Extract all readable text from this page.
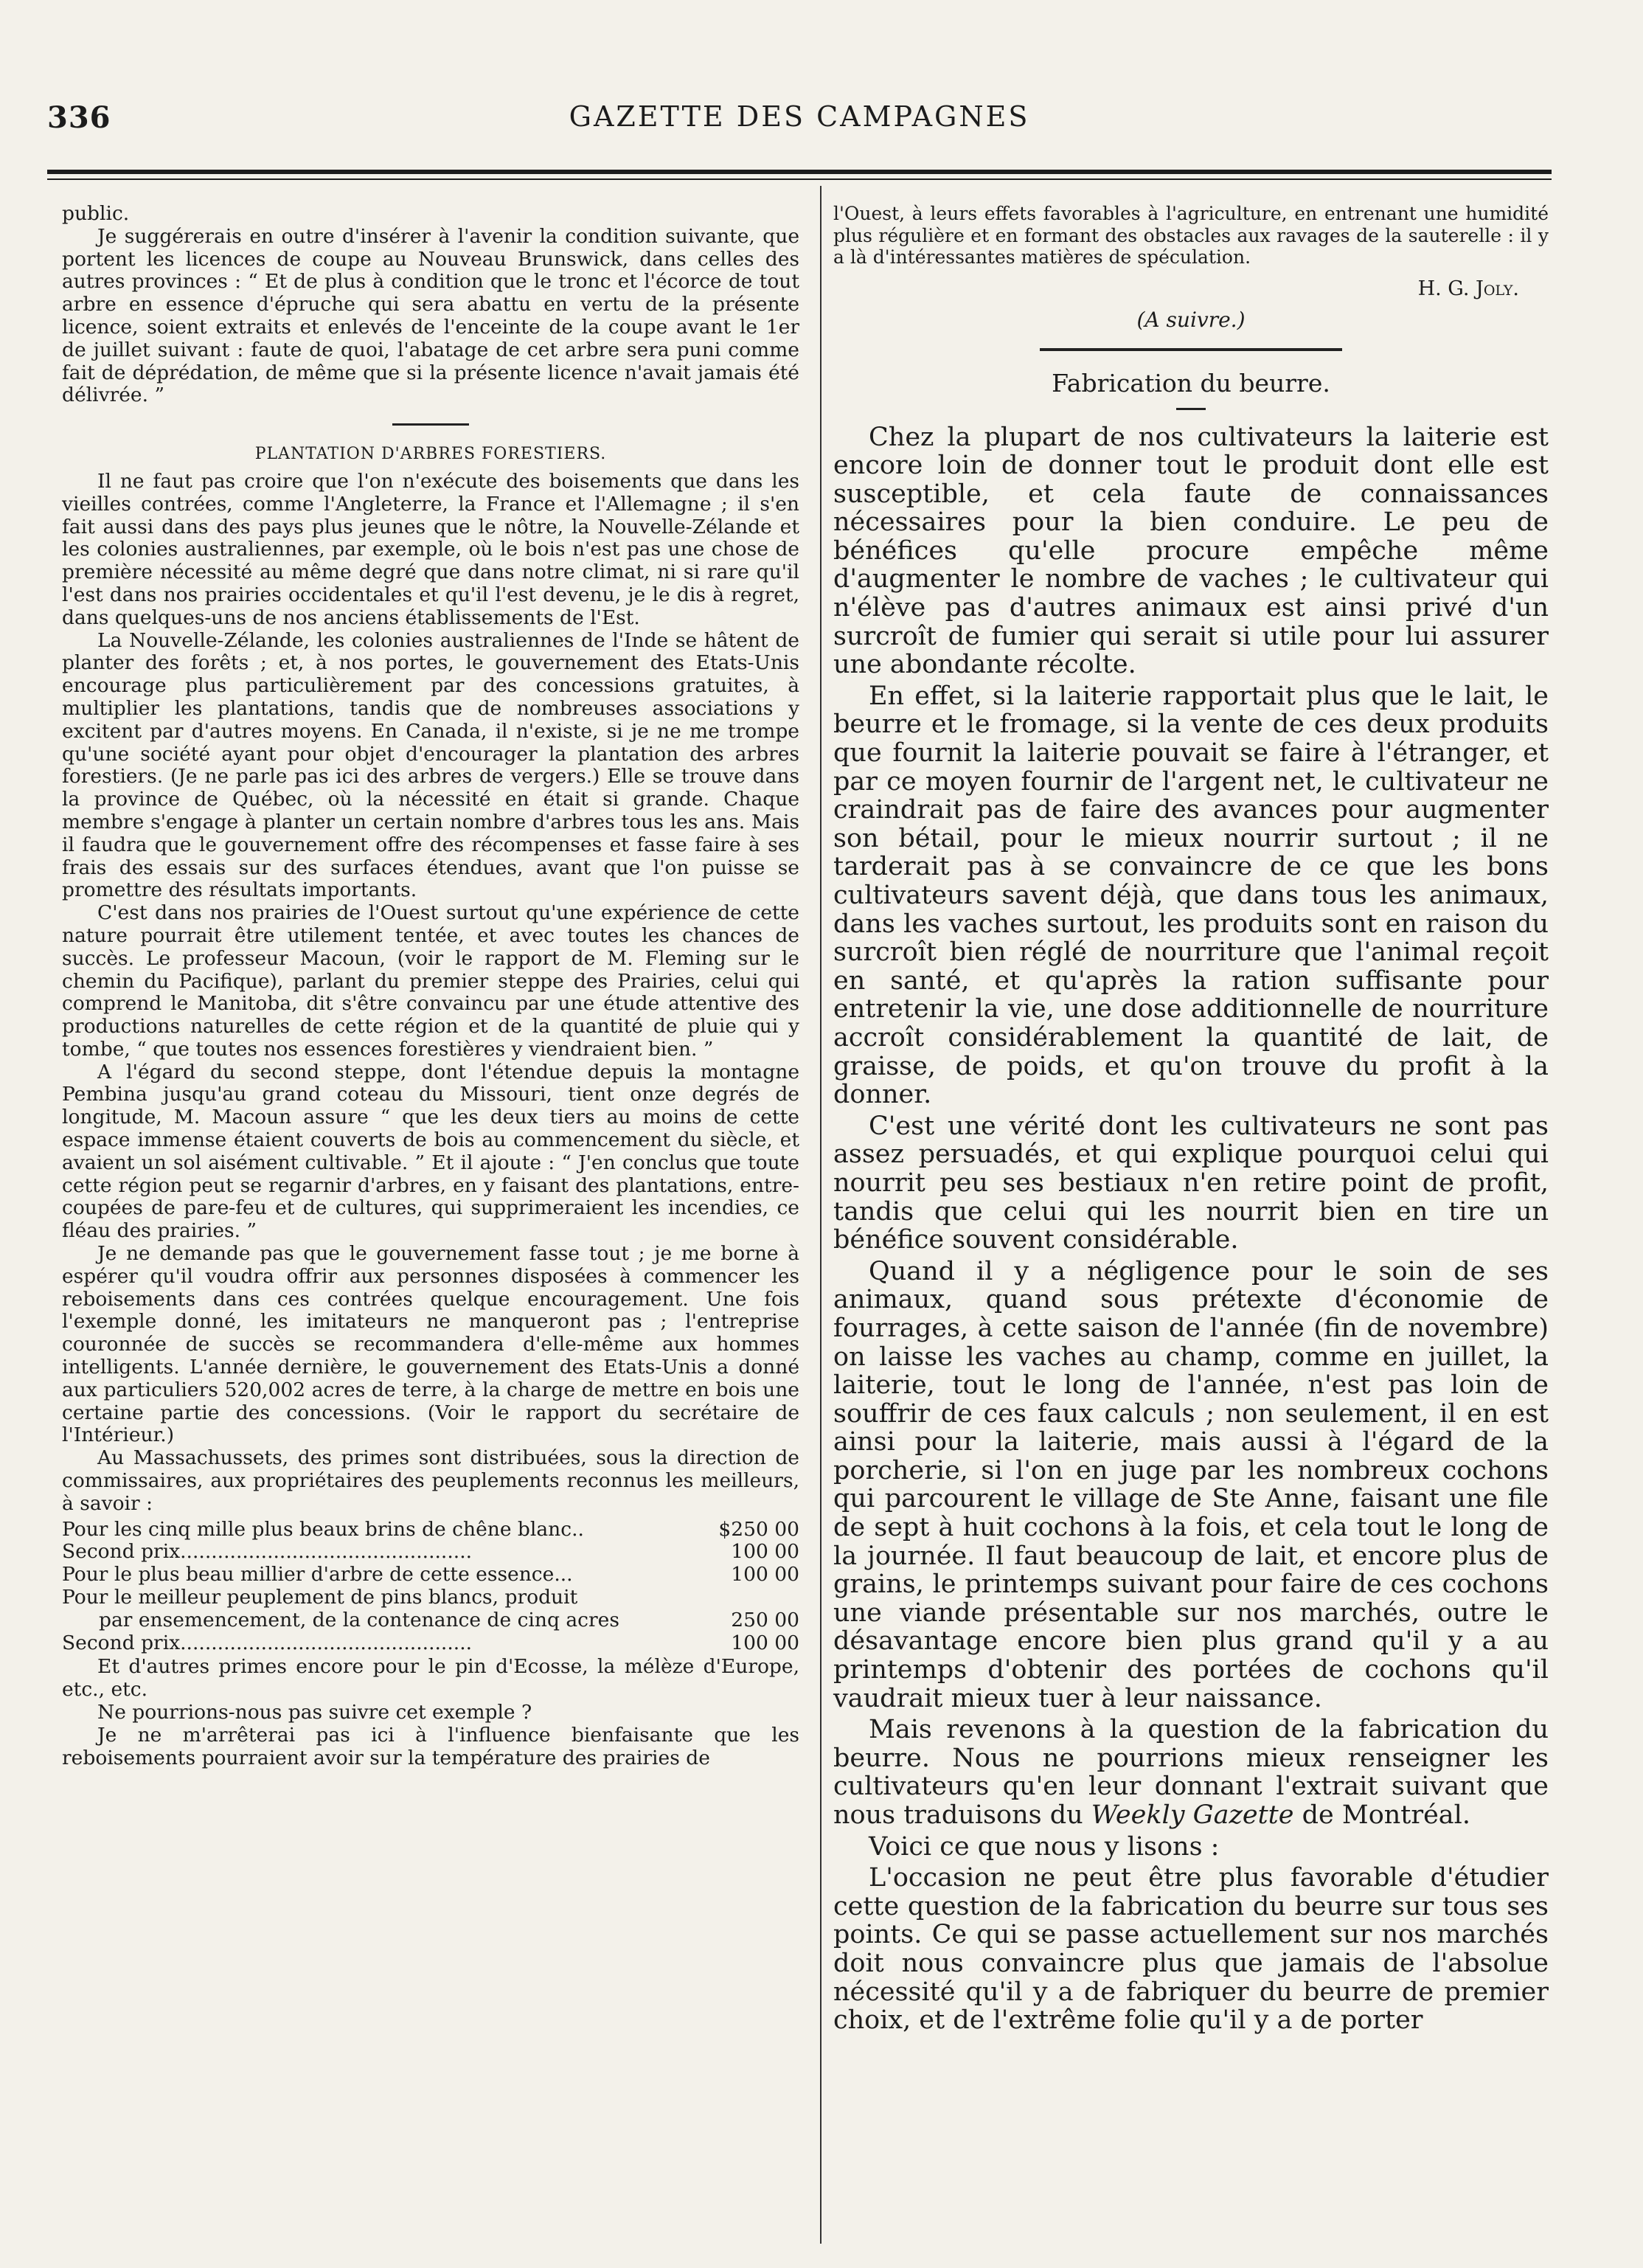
336	GAZETTE DES CAMPAGNES

public.

Je suggérerais en outre d'insérer à l'avenir la condition suivante, que portent les licences de coupe au Nouveau Brunswick, dans celles des autres provinces : “ Et de plus à condition que le tronc et l'écorce de tout arbre en essence d'épruche qui sera abattu en vertu de la présente licence, soient extraits et enlevés de l'enceinte de la coupe avant le 1er de juillet suivant : faute de quoi, l'abatage de cet arbre sera puni comme fait de déprédation, de même que si la présente licence n'avait jamais été délivrée. ”

PLANTATION D'ARBRES FORESTIERS.

Il ne faut pas croire que l'on n'exécute des boisements que dans les vieilles contrées, comme l'Angleterre, la France et l'Allemagne ; il s'en fait aussi dans des pays plus jeunes que le nôtre, la Nouvelle-Zélande et les colonies australiennes, par exemple, où le bois n'est pas une chose de première nécessité au même degré que dans notre climat, ni si rare qu'il l'est dans nos prairies occidentales et qu'il l'est devenu, je le dis à regret, dans quelques-uns de nos anciens établissements de l'Est.

La Nouvelle-Zélande, les colonies australiennes de l'Inde se hâtent de planter des forêts ; et, à nos portes, le gouvernement des Etats-Unis encourage plus particulièrement par des concessions gratuites, à multiplier les plantations, tandis que de nombreuses associations y excitent par d'autres moyens. En Canada, il n'existe, si je ne me trompe qu'une société ayant pour objet d'encourager la plantation des arbres forestiers. (Je ne parle pas ici des arbres de vergers.) Elle se trouve dans la province de Québec, où la nécessité en était si grande. Chaque membre s'engage à planter un certain nombre d'arbres tous les ans. Mais il faudra que le gouvernement offre des récompenses et fasse faire à ses frais des essais sur des surfaces étendues, avant que l'on puisse se promettre des résultats importants.

C'est dans nos prairies de l'Ouest surtout qu'une expérience de cette nature pourrait être utilement tentée, et avec toutes les chances de succès. Le professeur Macoun, (voir le rapport de M. Fleming sur le chemin du Pacifique), parlant du premier steppe des Prairies, celui qui comprend le Manitoba, dit s'être convaincu par une étude attentive des productions naturelles de cette région et de la quantité de pluie qui y tombe, “ que toutes nos essences forestières y viendraient bien. ”

A l'égard du second steppe, dont l'étendue depuis la montagne Pembina jusqu'au grand coteau du Missouri, tient onze degrés de longitude, M. Macoun assure “ que les deux tiers au moins de cette espace immense étaient couverts de bois au commencement du siècle, et avaient un sol aisément cultivable. ” Et il ajoute : “ J'en conclus que toute cette région peut se regarnir d'arbres, en y faisant des plantations, entre-coupées de pare-feu et de cultures, qui supprimeraient les incendies, ce fléau des prairies. ”

Je ne demande pas que le gouvernement fasse tout ; je me borne à espérer qu'il voudra offrir aux personnes disposées à commencer les reboisements dans ces contrées quelque encouragement. Une fois l'exemple donné, les imitateurs ne manqueront pas ; l'entreprise couronnée de succès se recommandera d'elle-même aux hommes intelligents. L'année dernière, le gouvernement des Etats-Unis a donné aux particuliers 520,002 acres de terre, à la charge de mettre en bois une certaine partie des concessions. (Voir le rapport du secrétaire de l'Intérieur.)

Au Massachussets, des primes sont distribuées, sous la direction de commissaires, aux propriétaires des peuplements reconnus les meilleurs, à savoir :

Pour les cinq mille plus beaux brins de chêne blanc..	$250 00
Second prix...............................................	100 00
Pour le plus beau millier d'arbre de cette essence...	100 00
Pour le meilleur peuplement de pins blancs, produit	
par ensemencement, de la contenance de cinq acres	250 00
Second prix...............................................	100 00

Et d'autres primes encore pour le pin d'Ecosse, la mélèze d'Europe, etc., etc.

Ne pourrions-nous pas suivre cet exemple ?

Je ne m'arrêterai pas ici à l'influence bienfaisante que les reboisements pourraient avoir sur la température des prairies de

l'Ouest, à leurs effets favorables à l'agriculture, en entrenant une humidité plus régulière et en formant des obstacles aux ravages de la sauterelle : il y a là d'intéressantes matières de spéculation.

H. G. Joly.
(A suivre.)
Fabrication du beurre.

Chez la plupart de nos cultivateurs la laiterie est encore loin de donner tout le produit dont elle est susceptible, et cela faute de connaissances nécessaires pour la bien conduire. Le peu de bénéfices qu'elle procure empêche même d'augmenter le nombre de vaches ; le cultivateur qui n'élève pas d'autres animaux est ainsi privé d'un surcroît de fumier qui serait si utile pour lui assurer une abondante récolte.

En effet, si la laiterie rapportait plus que le lait, le beurre et le fromage, si la vente de ces deux produits que fournit la laiterie pouvait se faire à l'étranger, et par ce moyen fournir de l'argent net, le cultivateur ne craindrait pas de faire des avances pour augmenter son bétail, pour le mieux nourrir surtout ; il ne tarderait pas à se convaincre de ce que les bons cultivateurs savent déjà, que dans tous les animaux, dans les vaches surtout, les produits sont en raison du surcroît bien réglé de nourriture que l'animal reçoit en santé, et qu'après la ration suffisante pour entretenir la vie, une dose additionnelle de nourriture accroît considérablement la quantité de lait, de graisse, de poids, et qu'on trouve du profit à la donner.

C'est une vérité dont les cultivateurs ne sont pas assez persuadés, et qui explique pourquoi celui qui nourrit peu ses bestiaux n'en retire point de profit, tandis que celui qui les nourrit bien en tire un bénéfice souvent considérable.

Quand il y a négligence pour le soin de ses animaux, quand sous prétexte d'économie de fourrages, à cette saison de l'année (fin de novembre) on laisse les vaches au champ, comme en juillet, la laiterie, tout le long de l'année, n'est pas loin de souffrir de ces faux calculs ; non seulement, il en est ainsi pour la laiterie, mais aussi à l'égard de la porcherie, si l'on en juge par les nombreux cochons qui parcourent le village de Ste Anne, faisant une file de sept à huit cochons à la fois, et cela tout le long de la journée. Il faut beaucoup de lait, et encore plus de grains, le printemps suivant pour faire de ces cochons une viande présentable sur nos marchés, outre le désavantage encore bien plus grand qu'il y a au printemps d'obtenir des portées de cochons qu'il vaudrait mieux tuer à leur naissance.

Mais revenons à la question de la fabrication du beurre. Nous ne pourrions mieux renseigner les cultivateurs qu'en leur donnant l'extrait suivant que nous traduisons du Weekly Gazette de Montréal.

Voici ce que nous y lisons :

L'occasion ne peut être plus favorable d'étudier cette question de la fabrication du beurre sur tous ses points. Ce qui se passe actuellement sur nos marchés doit nous convaincre plus que jamais de l'absolue nécessité qu'il y a de fabriquer du beurre de premier choix, et de l'extrême folie qu'il y a de porter
